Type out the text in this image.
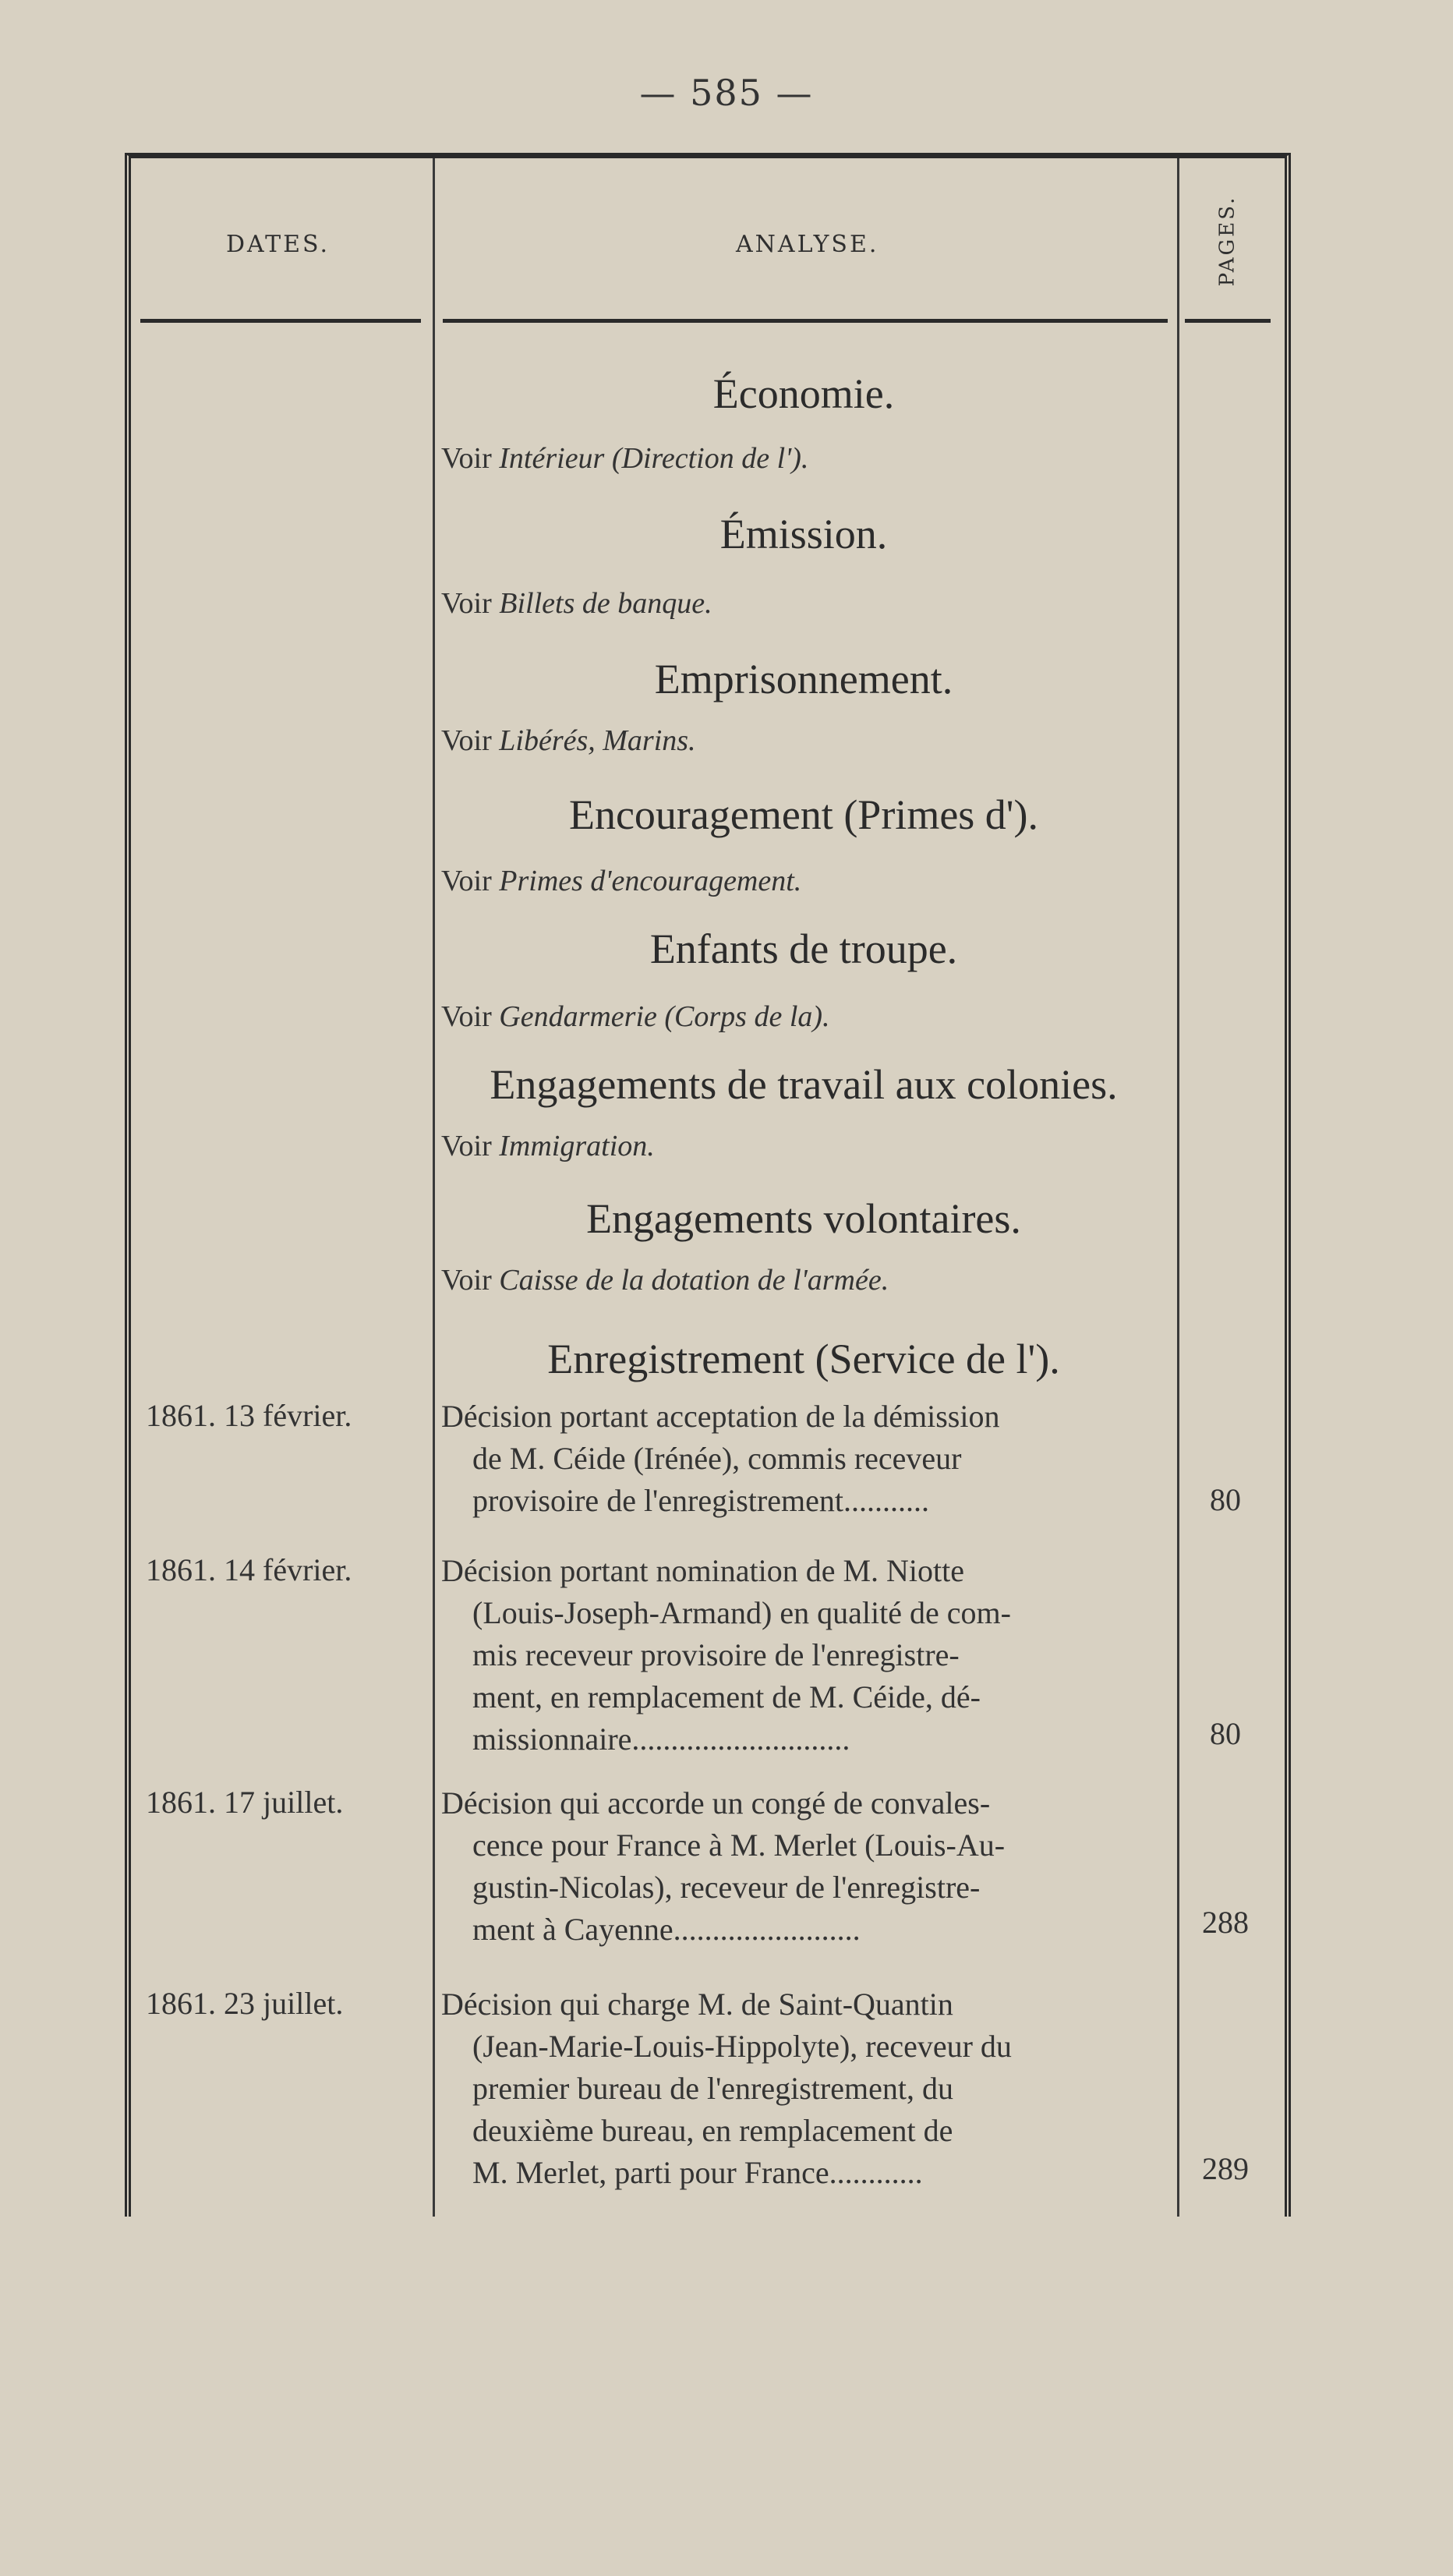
— 585 —
DATES.	ANALYSE.	PAGES.
Économie.
Voir Intérieur (Direction de l').
Émission.
Voir Billets de banque.
Emprisonnement.
Voir Libérés, Marins.
Encouragement (Primes d').
Voir Primes d'encouragement.
Enfants de troupe.
Voir Gendarmerie (Corps de la).
Engagements de travail aux colonies.
Voir Immigration.
Engagements volontaires.
Voir Caisse de la dotation de l'armée.
Enregistrement (Service de l').
1861. 13 février.	Décision portant acceptation de la démission
de M. Céide (Irénée), commis receveur
provisoire de l'enregistrement...........	80
1861. 14 février.	Décision portant nomination de M. Niotte
(Louis-Joseph-Armand) en qualité de com-
mis receveur provisoire de l'enregistre-
ment, en remplacement de M. Céide, dé-
missionnaire............................	80
1861. 17 juillet.	Décision qui accorde un congé de convales-
cence pour France à M. Merlet (Louis-Au-
gustin-Nicolas), receveur de l'enregistre-
ment à Cayenne........................	288
1861. 23 juillet.	Décision qui charge M. de Saint-Quantin
(Jean-Marie-Louis-Hippolyte), receveur du
premier bureau de l'enregistrement, du
deuxième bureau, en remplacement de
M. Merlet, parti pour France............	289
